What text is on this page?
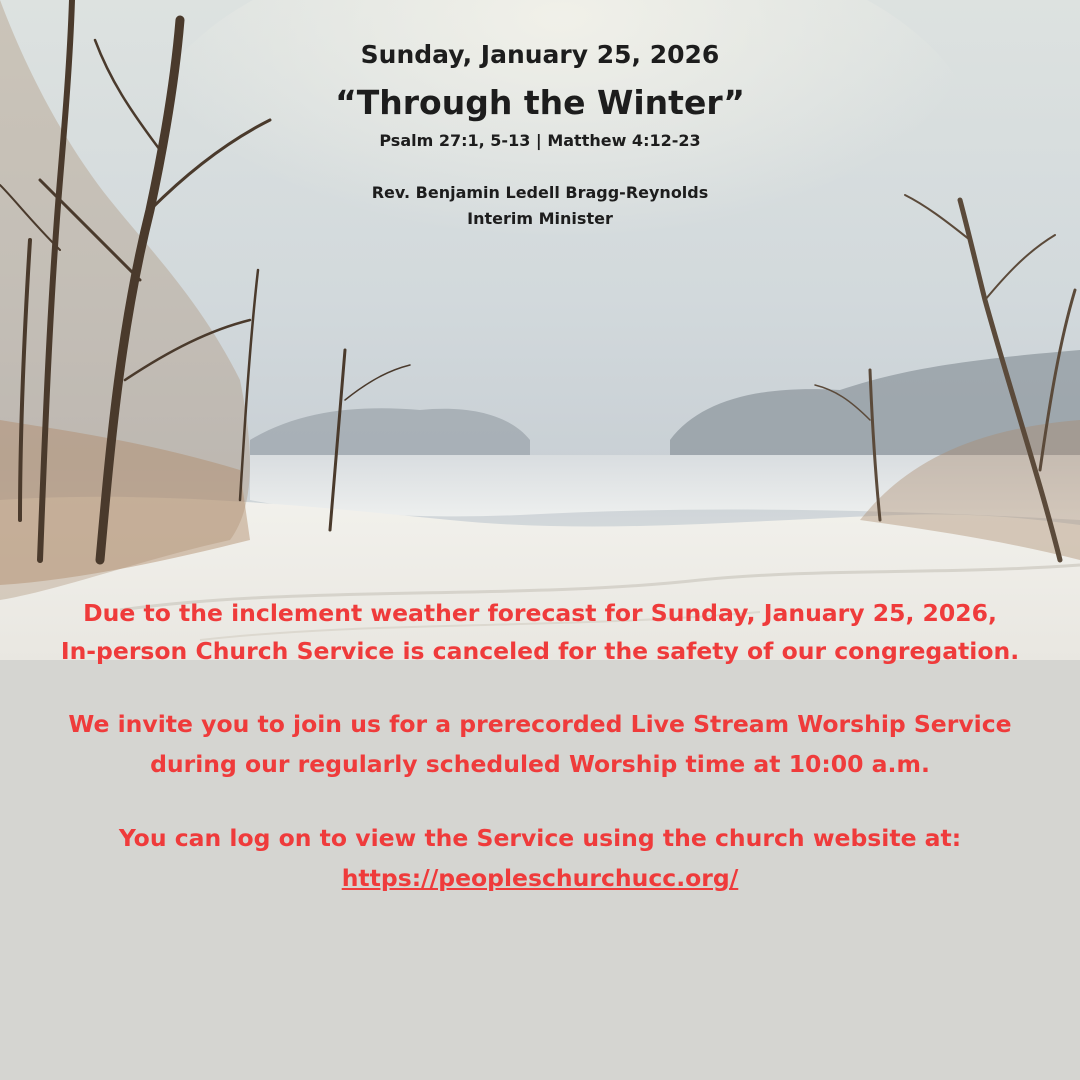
Sunday, January 25, 2026
“Through the Winter”
Psalm 27:1, 5-13 | Matthew 4:12-23
Rev. Benjamin Ledell Bragg-Reynolds
Interim Minister
Due to the inclement weather forecast for Sunday, January 25, 2026,
In-person Church Service is canceled for the safety of our congregation.
We invite you to join us for a prerecorded Live Stream Worship Service
during our regularly scheduled Worship time at 10:00 a.m.
You can log on to view the Service using the church website at:
https://peopleschurchucc.org/
